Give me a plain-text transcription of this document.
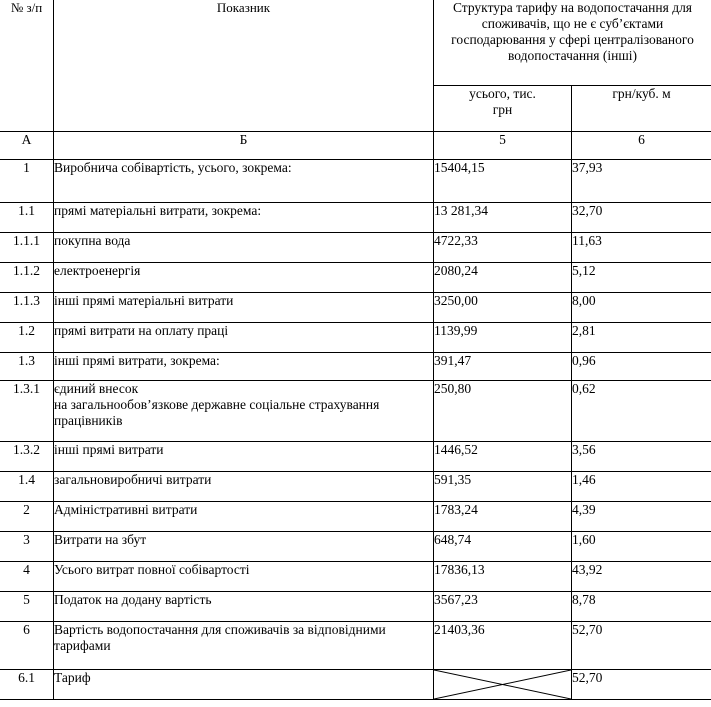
№ з/п	Показник	Структура тарифу на водопостачання для споживачів, що не є суб’єктами господарювання у сфері централізованого водопостачання (інші)	

		усього, тис. грн	грн/куб. м
А	Б	5	6
1	Виробнича собівартість, усього, зокрема:	15404,15	37,93
1.1	прямі матеріальні витрати, зокрема:	13 281,34	32,70
1.1.1	покупна вода	4722,33	11,63
1.1.2	електроенергія	2080,24	5,12
1.1.3	інші прямі матеріальні витрати	3250,00	8,00
1.2	прямі витрати на оплату праці	1139,99	2,81
1.3	інші прямі витрати, зокрема:	391,47	0,96
1.3.1	єдиний внесок
на загальнообов’язкове державне соціальне страхування працівників	250,80	0,62
1.3.2	інші прямі витрати	1446,52	3,56
1.4	загальновиробничі витрати	591,35	1,46
2	Адміністративні витрати	1783,24	4,39
3	Витрати на збут	648,74	1,60
4	Усього витрат повної собівартості	17836,13	43,92
5	Податок на додану вартість	3567,23	8,78
6	Вартість водопостачання для споживачів за відповідними тарифами	21403,36	52,70
6.1	Тариф		52,70
